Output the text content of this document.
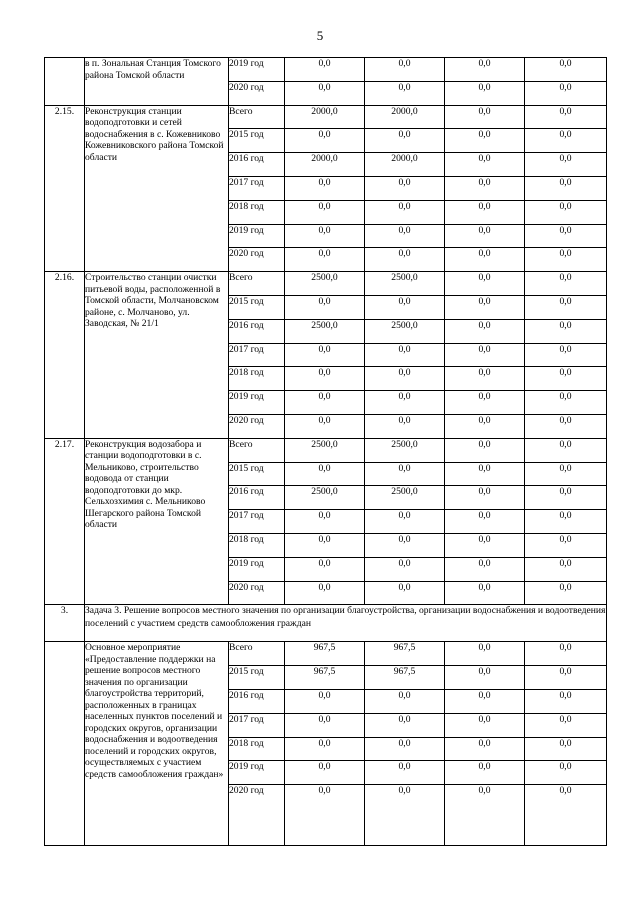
5
	в п. Зональная Станция Томского района Томской области	2019 год	0,0	0,0	0,0	0,0
		2020 год	0,0	0,0	0,0	0,0
2.15.	Реконструкция станции водоподготовки и сетей водоснабжения в с. Кожевниково Кожевниковского района Томской области	Всего	2000,0	2000,0	0,0	0,0
		2015 год	0,0	0,0	0,0	0,0
		2016 год	2000,0	2000,0	0,0	0,0
		2017 год	0,0	0,0	0,0	0,0
		2018 год	0,0	0,0	0,0	0,0
		2019 год	0,0	0,0	0,0	0,0
		2020 год	0,0	0,0	0,0	0,0
2.16.	Строительство станции очистки питьевой воды, расположенной в Томской области, Молчановском районе, с. Молчаново, ул. Заводская, № 21/1	Всего	2500,0	2500,0	0,0	0,0
		2015 год	0,0	0,0	0,0	0,0
		2016 год	2500,0	2500,0	0,0	0,0
		2017 год	0,0	0,0	0,0	0,0
		2018 год	0,0	0,0	0,0	0,0
		2019 год	0,0	0,0	0,0	0,0
		2020 год	0,0	0,0	0,0	0,0
2.17.	Реконструкция водозабора и станции водоподготовки в с. Мельниково, строительство водовода от станции водоподготовки до мкр. Сельхозхимия с. Мельниково Шегарского района Томской области	Всего	2500,0	2500,0	0,0	0,0
		2015 год	0,0	0,0	0,0	0,0
		2016 год	2500,0	2500,0	0,0	0,0
		2017 год	0,0	0,0	0,0	0,0
		2018 год	0,0	0,0	0,0	0,0
		2019 год	0,0	0,0	0,0	0,0
		2020 год	0,0	0,0	0,0	0,0
3.	Задача 3. Решение вопросов местного значения по организации благоустройства, организации водоснабжения и водоотведения поселений с участием средств самообложения граждан					
	Основное мероприятие «Предоставление поддержки на решение вопросов местного значения по организации благоустройства территорий, расположенных в границах населенных пунктов поселений и городских округов, организации водоснабжения и водоотведения поселений и городских округов, осуществляемых с участием средств самообложения граждан»	Всего	967,5	967,5	0,0	0,0
		2015 год	967,5	967,5	0,0	0,0
		2016 год	0,0	0,0	0,0	0,0
		2017 год	0,0	0,0	0,0	0,0
		2018 год	0,0	0,0	0,0	0,0
		2019 год	0,0	0,0	0,0	0,0
		2020 год	0,0	0,0	0,0	0,0
